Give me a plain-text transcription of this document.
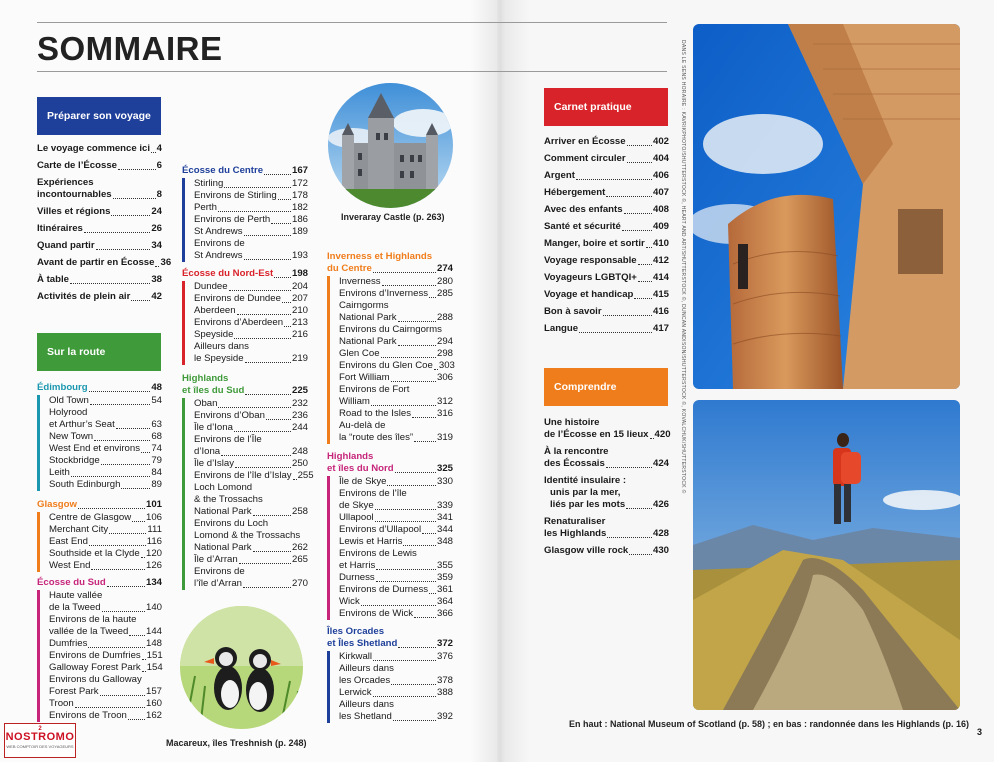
SOMMAIRE
Préparer son voyage
Le voyage commence ici 4
Carte de l’Écosse	6
Expériences
incontournables	8
Villes et régions	24
Itinéraires	26
Quand partir	34
Avant de partir en Écosse 36
À table	38
Activités de plein air 42
Sur la route
Édimbourg	48
Old Town	54
Holyrood
et Arthur’s Seat	63
New Town	68
West End et environs 74
Stockbridge	79
Leith	84
South Edinburgh	89
Glasgow	101
Centre de Glasgow 106
Merchant City	111
East End	116
Southside et la Clyde 120
West End	126
Écosse du Sud	134
Haute vallée
de la Tweed	140
Environs de la haute
vallée de la Tweed 144
Dumfries	148
Environs de Dumfries 151
Galloway Forest Park 154
Environs du Galloway
Forest Park	157
Troon	160
Environs de Troon 162
Écosse du Centre	167
Stirling	172
Environs de Stirling 178
Perth	182
Environs de Perth 186
St Andrews	189
Environs de
St Andrews	193
Écosse du Nord-Est 198
Dundee	204
Environs de Dundee 207
Aberdeen	210
Environs d’Aberdeen 213
Speyside	216
Ailleurs dans
le Speyside	219
Highlands
et îles du Sud	225
Oban	232
Environs d’Oban	236
Île d’Iona	244
Environs de l’Île
d’Iona	248
Île d’Islay	250
Environs de l’île d’Islay 255
Loch Lomond
& the Trossachs
National Park	258
Environs du Loch
Lomond & the Trossachs
National Park	262
Île d’Arran	265
Environs de
l’île d’Arran	270
Inveraray Castle (p. 263)
Inverness et Highlands
du Centre	274
Inverness	280
Environs d’Inverness 285
Cairngorms
National Park	288
Environs du Cairngorms
National Park	294
Glen Coe	298
Environs du Glen Coe 303
Fort William	306
Environs de Fort
William	312
Road to the Isles	316
Au-delà de
la “route des îles” 319
Highlands
et îles du Nord	325
Île de Skye	330
Environs de l’île
de Skye	339
Ullapool	341
Environs d’Ullapool 344
Lewis et Harris	348
Environs de Lewis
et Harris	355
Durness	359
Environs de Durness 361
Wick	364
Environs de Wick 366
Îles Orcades
et Îles Shetland	372
Kirkwall	376
Ailleurs dans
les Orcades	378
Lerwick	388
Ailleurs dans
les Shetland	392
Macareux, îles Treshnish (p. 248)
Carnet pratique
Arriver en Écosse	402
Comment circuler	404
Argent	406
Hébergement	407
Avec des enfants	408
Santé et sécurité	409
Manger, boire et sortir 410
Voyage responsable 412
Voyageurs LGBTQI+ 414
Voyage et handicap 415
Bon à savoir	416
Langue	417
Comprendre
Une histoire
de l’Écosse en 15 lieux 420
À la rencontre
des Écossais	424
Identité insulaire :
unis par la mer,
liés par les mots	426
Renaturaliser
les Highlands	428
Glasgow ville rock	430
DANS LE SENS HORAIRE : KAVRIKPHOTO/SHUTTERSTOCK ©, HEART AND ART/SHUTTERSTOCK ©, DUNCAN ANDISON/SHUTTERSTOCK ©, KOVALCHUK/SHUTTERSTOCK ©
En haut : National Museum of Scotland (p. 58) ; en bas : randonnée dans les Highlands (p. 16)
3
2
NOSTROMO
WEB COMPTOIR DES VOYAGEURS
